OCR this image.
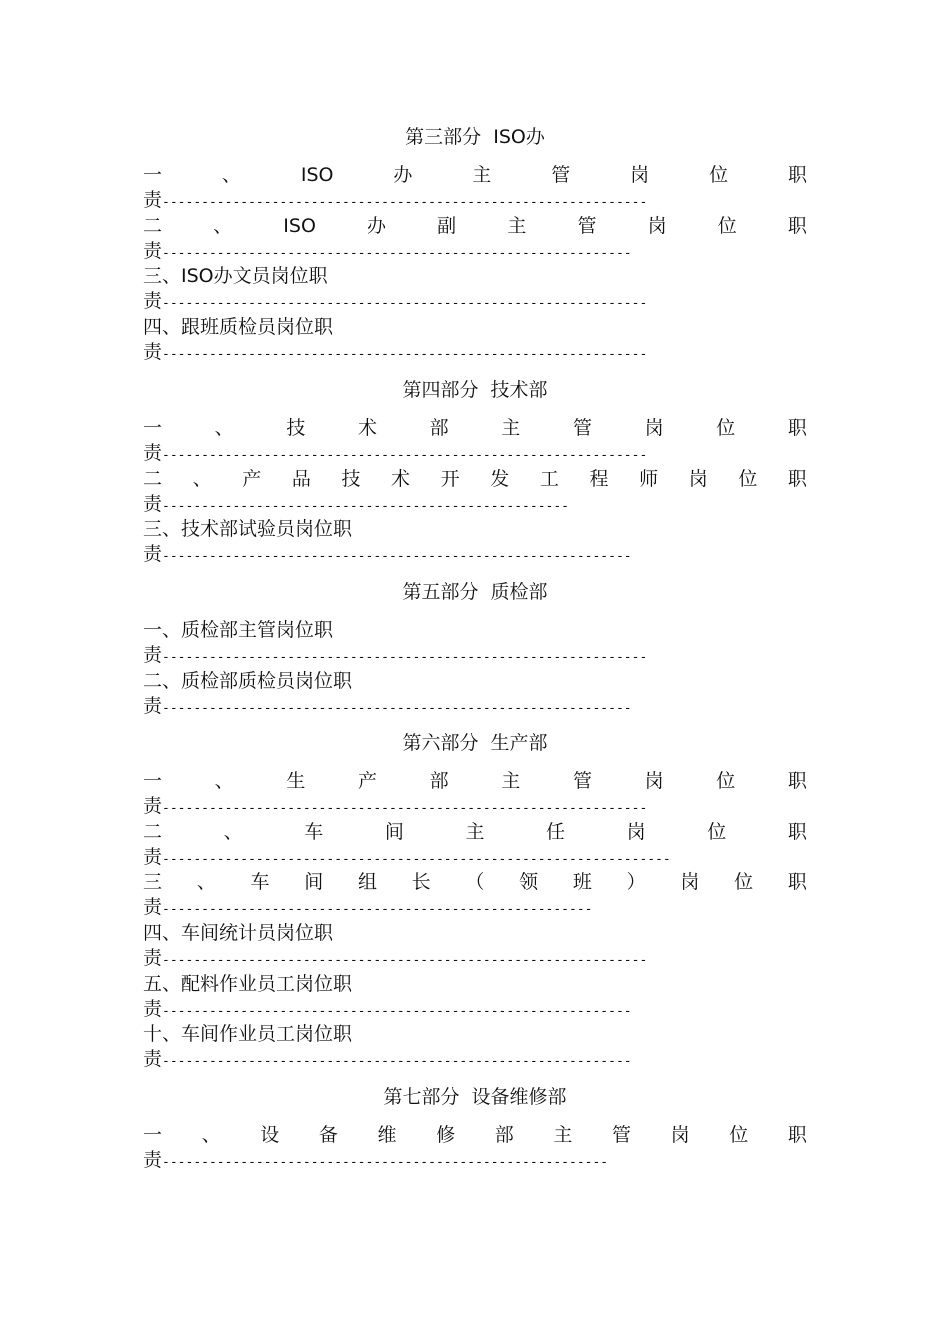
第三部分  ISO办
一	、	ISO	办	主	管	岗	位	职
责--------------------------------------------------------------
二	、	ISO	办	副	主	管	岗	位	职
责------------------------------------------------------------
三、ISO办文员岗位职
责--------------------------------------------------------------
四、跟班质检员岗位职
责--------------------------------------------------------------
第四部分  技术部
一	、	技	术	部	主	管	岗	位	职
责--------------------------------------------------------------
二 、 产 品 技 术 开 发 工 程 师 岗 位 职
责----------------------------------------------------
三、技术部试验员岗位职
责------------------------------------------------------------
第五部分  质检部
一、质检部主管岗位职
责--------------------------------------------------------------
二、质检部质检员岗位职
责------------------------------------------------------------
第六部分  生产部
一	、	生	产	部	主	管	岗	位	职
责--------------------------------------------------------------
二	、	车	间	主	任	岗	位	职
责-----------------------------------------------------------------
三 、 车 间 组 长 （ 领 班 ） 岗 位 职
责-------------------------------------------------------
四、车间统计员岗位职
责--------------------------------------------------------------
五、配料作业员工岗位职
责------------------------------------------------------------
十、车间作业员工岗位职
责------------------------------------------------------------
第七部分  设备维修部
一 、 设 备 维 修 部 主 管 岗 位 职
责---------------------------------------------------------
